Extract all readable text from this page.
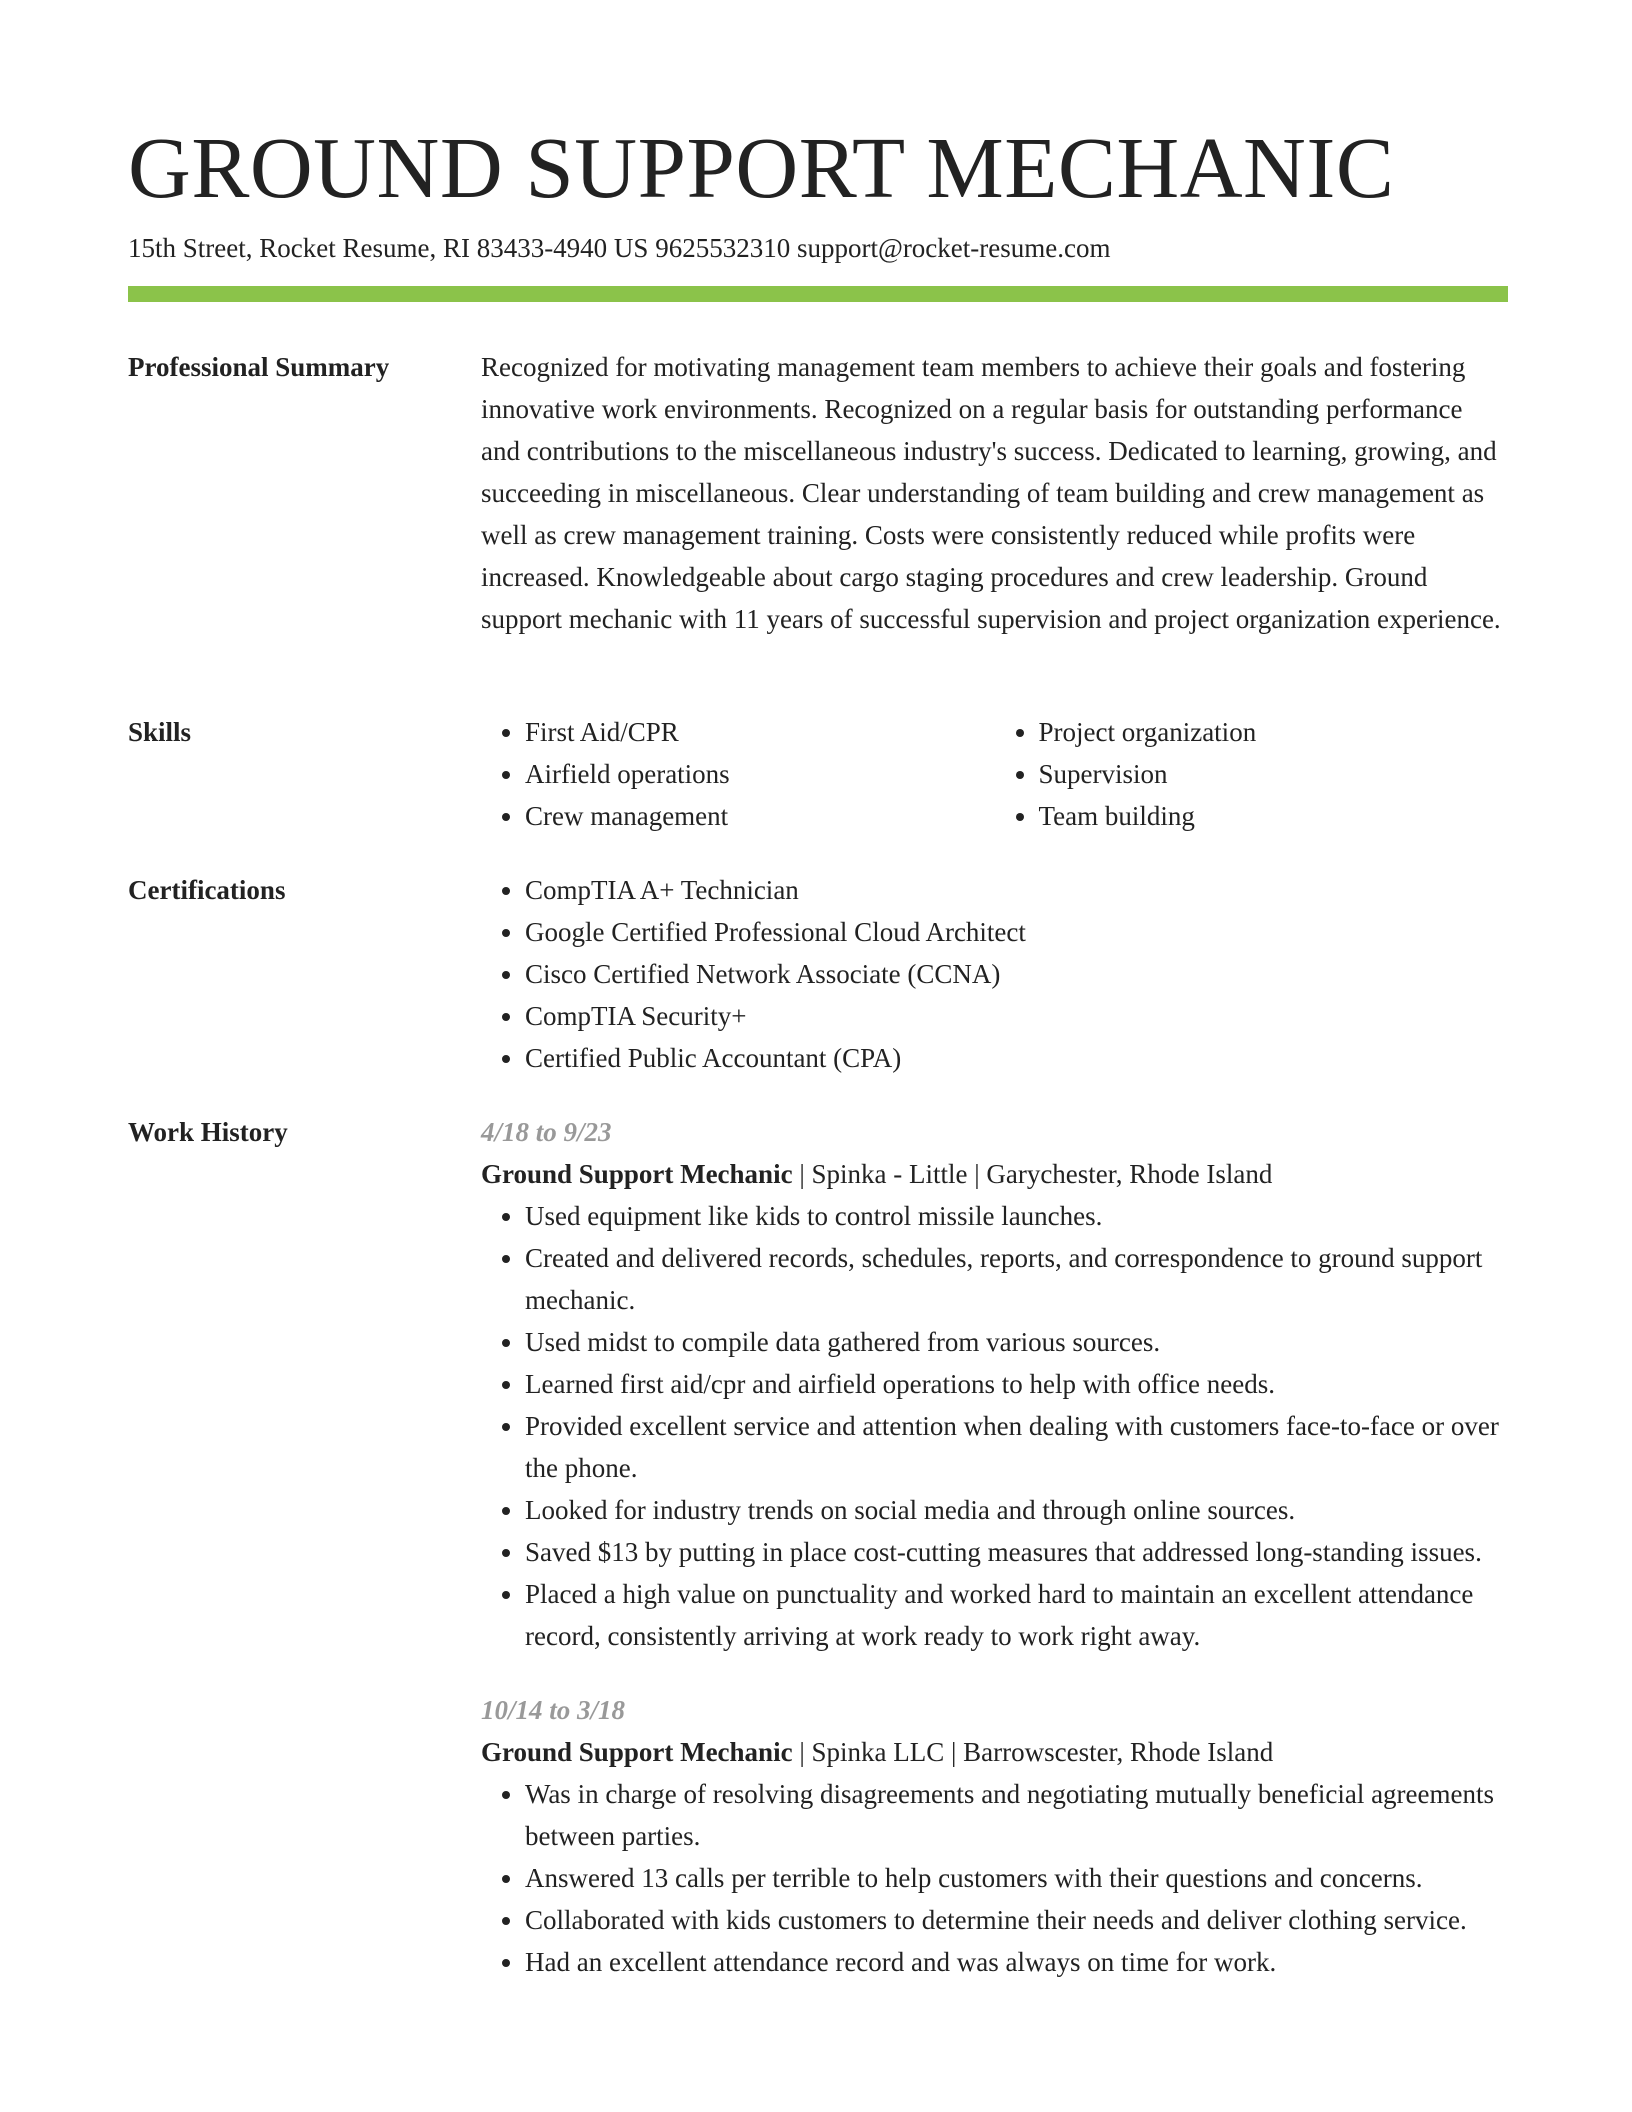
GROUND SUPPORT MECHANIC
15th Street, Rocket Resume, RI 83433-4940 US 9625532310 support@rocket-resume.com
Professional Summary	Recognized for motivating management team members to achieve their goals and fostering innovative work environments. Recognized on a regular basis for outstanding performance and contributions to the miscellaneous industry's success. Dedicated to learning, growing, and succeeding in miscellaneous. Clear understanding of team building and crew management as well as crew management training. Costs were consistently reduced while profits were increased. Knowledgeable about cargo staging procedures and crew leadership. Ground support mechanic with 11 years of successful supervision and project organization experience.

Skills	• First Aid/CPR
• Airfield operations
• Crew management
• Project organization
• Supervision
• Team building
Certifications	• CompTIA A+ Technician
• Google Certified Professional Cloud Architect
• Cisco Certified Network Associate (CCNA)
• CompTIA Security+
• Certified Public Accountant (CPA)
Work History	4/18 to 9/23
Ground Support Mechanic | Spinka - Little | Garychester, Rhode Island
• Used equipment like kids to control missile launches.
• Created and delivered records, schedules, reports, and correspondence to ground support mechanic.
• Used midst to compile data gathered from various sources.
• Learned first aid/cpr and airfield operations to help with office needs.
• Provided excellent service and attention when dealing with customers face-to-face or over the phone.
• Looked for industry trends on social media and through online sources.
• Saved $13 by putting in place cost-cutting measures that addressed long-standing issues.
• Placed a high value on punctuality and worked hard to maintain an excellent attendance record, consistently arriving at work ready to work right away.
10/14 to 3/18
Ground Support Mechanic | Spinka LLC | Barrowscester, Rhode Island
• Was in charge of resolving disagreements and negotiating mutually beneficial agreements between parties.
• Answered 13 calls per terrible to help customers with their questions and concerns.
• Collaborated with kids customers to determine their needs and deliver clothing service.
• Had an excellent attendance record and was always on time for work.
